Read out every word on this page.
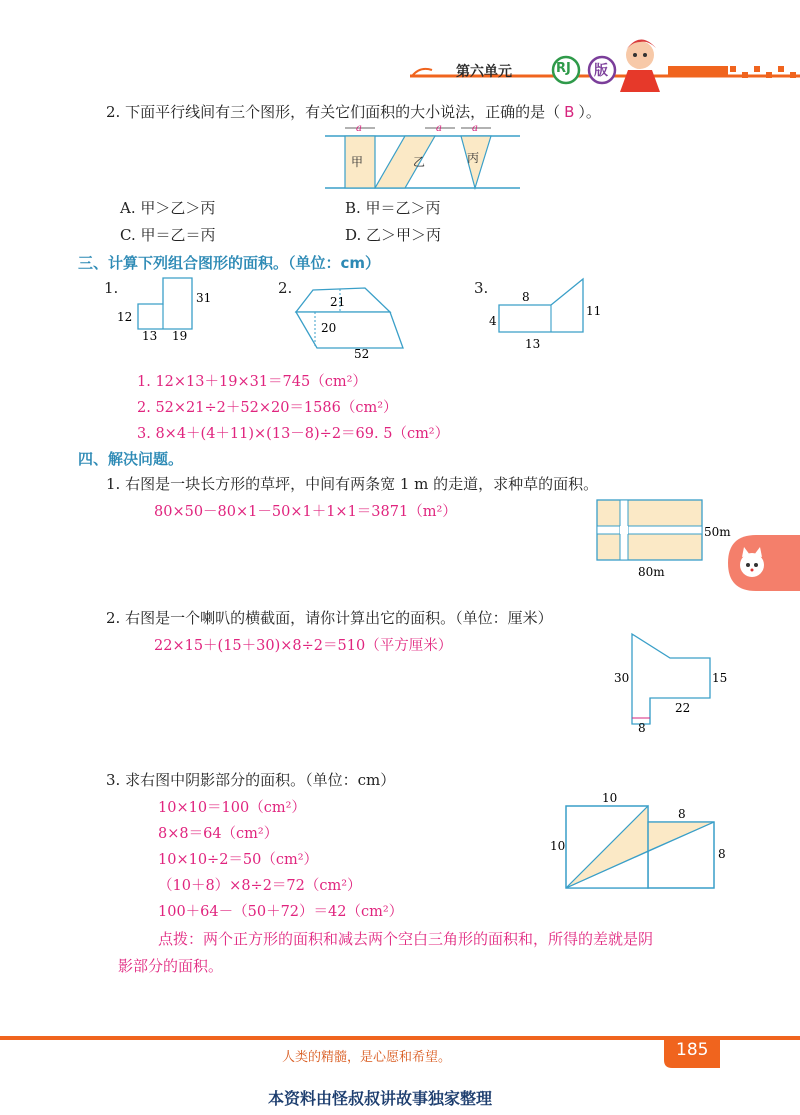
第六单元	RJ 版
2. 下面平行线间有三个图形，有关它们面积的大小说法，正确的是（ B ）。
a	a	a
甲	乙	丙
A. 甲＞乙＞丙	B. 甲＝乙＞丙
C. 甲＝乙＝丙	D. 乙＞甲＞丙
三、计算下列组合图形的面积。（单位：cm）
1.
31
12
13 19
2.
21
20
52
3.	8
11
4
13
1. 12×13＋19×31＝745（cm²）
2. 52×21÷2＋52×20＝1586（cm²）
3. 8×4＋(4＋11)×(13－8)÷2＝69. 5（cm²）
四、解决问题。
1. 右图是一块长方形的草坪，中间有两条宽 1 m 的走道，求种草的面积。
80×50－80×1－50×1＋1×1＝3871（m²）
50m
80m
2. 右图是一个喇叭的横截面，请你计算出它的面积。（单位：厘米）
22×15＋(15＋30)×8÷2＝510（平方厘米）
30	15
22
8
3. 求右图中阴影部分的面积。（单位：cm）
10×10＝100（cm²）
8×8＝64（cm²）
10×10÷2＝50（cm²）
（10＋8）×8÷2＝72（cm²）
100＋64－（50＋72）＝42（cm²）
10
8
10
8
点拨：两个正方形的面积和减去两个空白三角形的面积和，所得的差就是阴
影部分的面积。
人类的精髓，是心愿和希望。	185
本资料由怪叔叔讲故事独家整理
